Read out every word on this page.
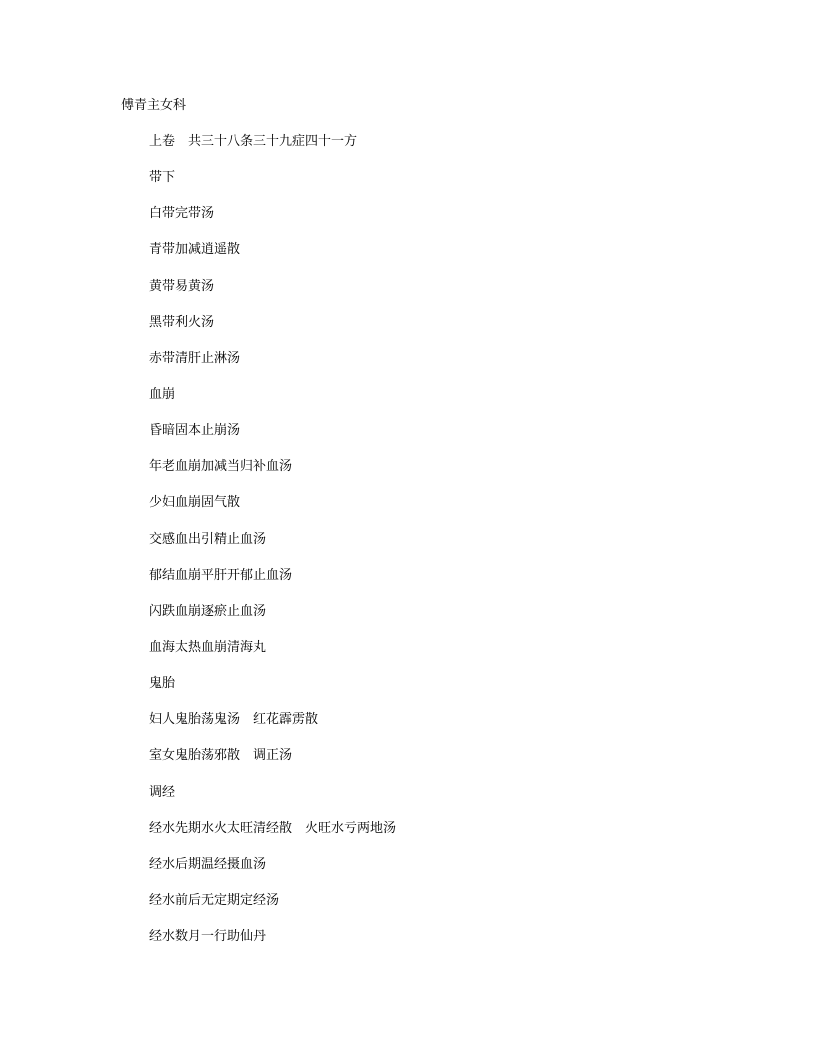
傅青主女科
上卷　共三十八条三十九症四十一方
带下
白带完带汤
青带加减逍遥散
黄带易黄汤
黑带利火汤
赤带清肝止淋汤
血崩
昏暗固本止崩汤
年老血崩加减当归补血汤
少妇血崩固气散
交感血出引精止血汤
郁结血崩平肝开郁止血汤
闪跌血崩逐瘀止血汤
血海太热血崩清海丸
鬼胎
妇人鬼胎荡鬼汤　红花霹雳散
室女鬼胎荡邪散　调正汤
调经
经水先期水火太旺清经散　火旺水亏两地汤
经水后期温经摄血汤
经水前后无定期定经汤
经水数月一行助仙丹
